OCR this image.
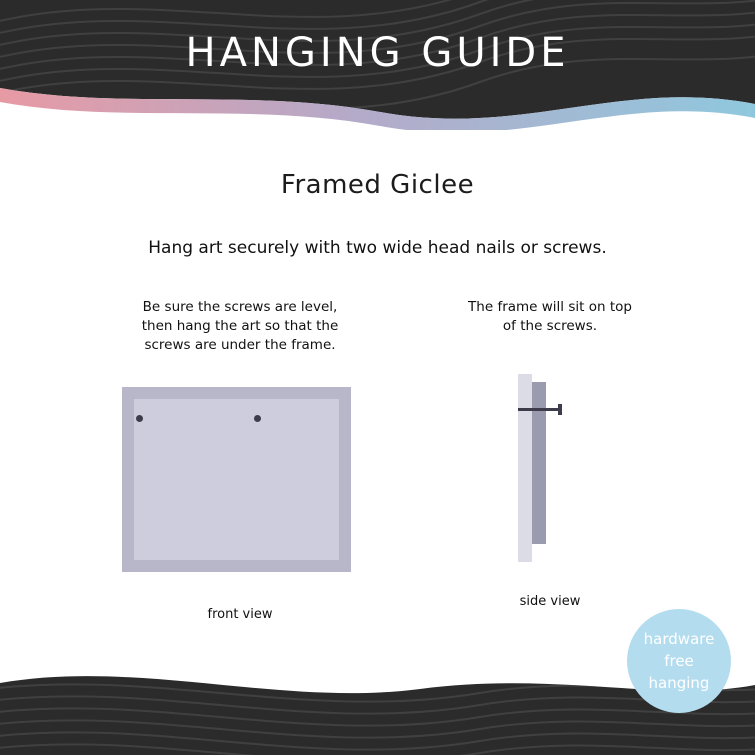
HANGING GUIDE
Framed Giclee
Hang art securely with two wide head nails or screws.
Be sure the screws are level,
then hang the art so that the
screws are under the frame.
front view
The frame will sit on top
of the screws.
side view
hardware
free
hanging
